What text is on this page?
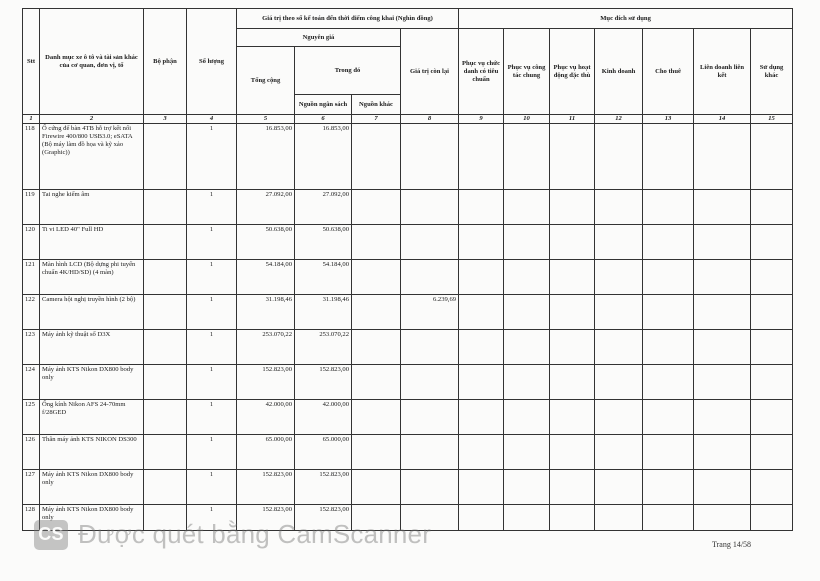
Stt	Danh mục xe ô tô và tài sản khác của cơ quan, đơn vị, tổ	Bộ phận	Số lượng	Giá trị theo sổ kế toán đến thời điểm công khai (Nghìn đồng)				Mục đích sử dụng						
				Nguyên giá			Giá trị còn lại	Phục vụ chức danh có tiêu chuẩn	Phục vụ công tác chung	Phục vụ hoạt động đặc thù	Kinh doanh	Cho thuê	Liên doanh liên kết	Sử dụng khác
				Tổng cộng	Trong đó									
					Nguồn ngân sách	Nguồn khác								
1	2	3	4	5	6	7	8	9	10	11	12	13	14	15
118	Ổ cứng để bàn 4TB hỗ trợ kết nối Firewire 400/800 USB3.0; eSATA (Bộ máy làm đồ họa và kỹ xảo (Graphic))		1	16.853,00	16.853,00									
119	Tai nghe kiểm âm		1	27.092,00	27.092,00									
120	Ti vi LED 40" Full HD		1	50.638,00	50.638,00									
121	Màn hình LCD (Bộ dựng phi tuyến chuẩn 4K/HD/SD) (4 màn)		1	54.184,00	54.184,00									
122	Camera hội nghị truyền hình (2 bộ)		1	31.198,46	31.198,46		6.239,69							
123	Máy ảnh kỹ thuật số D3X		1	253.070,22	253.070,22									
124	Máy ảnh KTS Nikon DX800 body only		1	152.823,00	152.823,00									
125	Ống kính Nikon AFS 24-70mm f/28GED		1	42.000,00	42.000,00									
126	Thân máy ảnh KTS NIKON DS300		1	65.000,00	65.000,00									
127	Máy ảnh KTS Nikon DX800 body only		1	152.823,00	152.823,00									
128	Máy ảnh KTS Nikon DX800 body only		1	152.823,00	152.823,00									
CS Được quét bằng CamScanner	Trang 14/58
